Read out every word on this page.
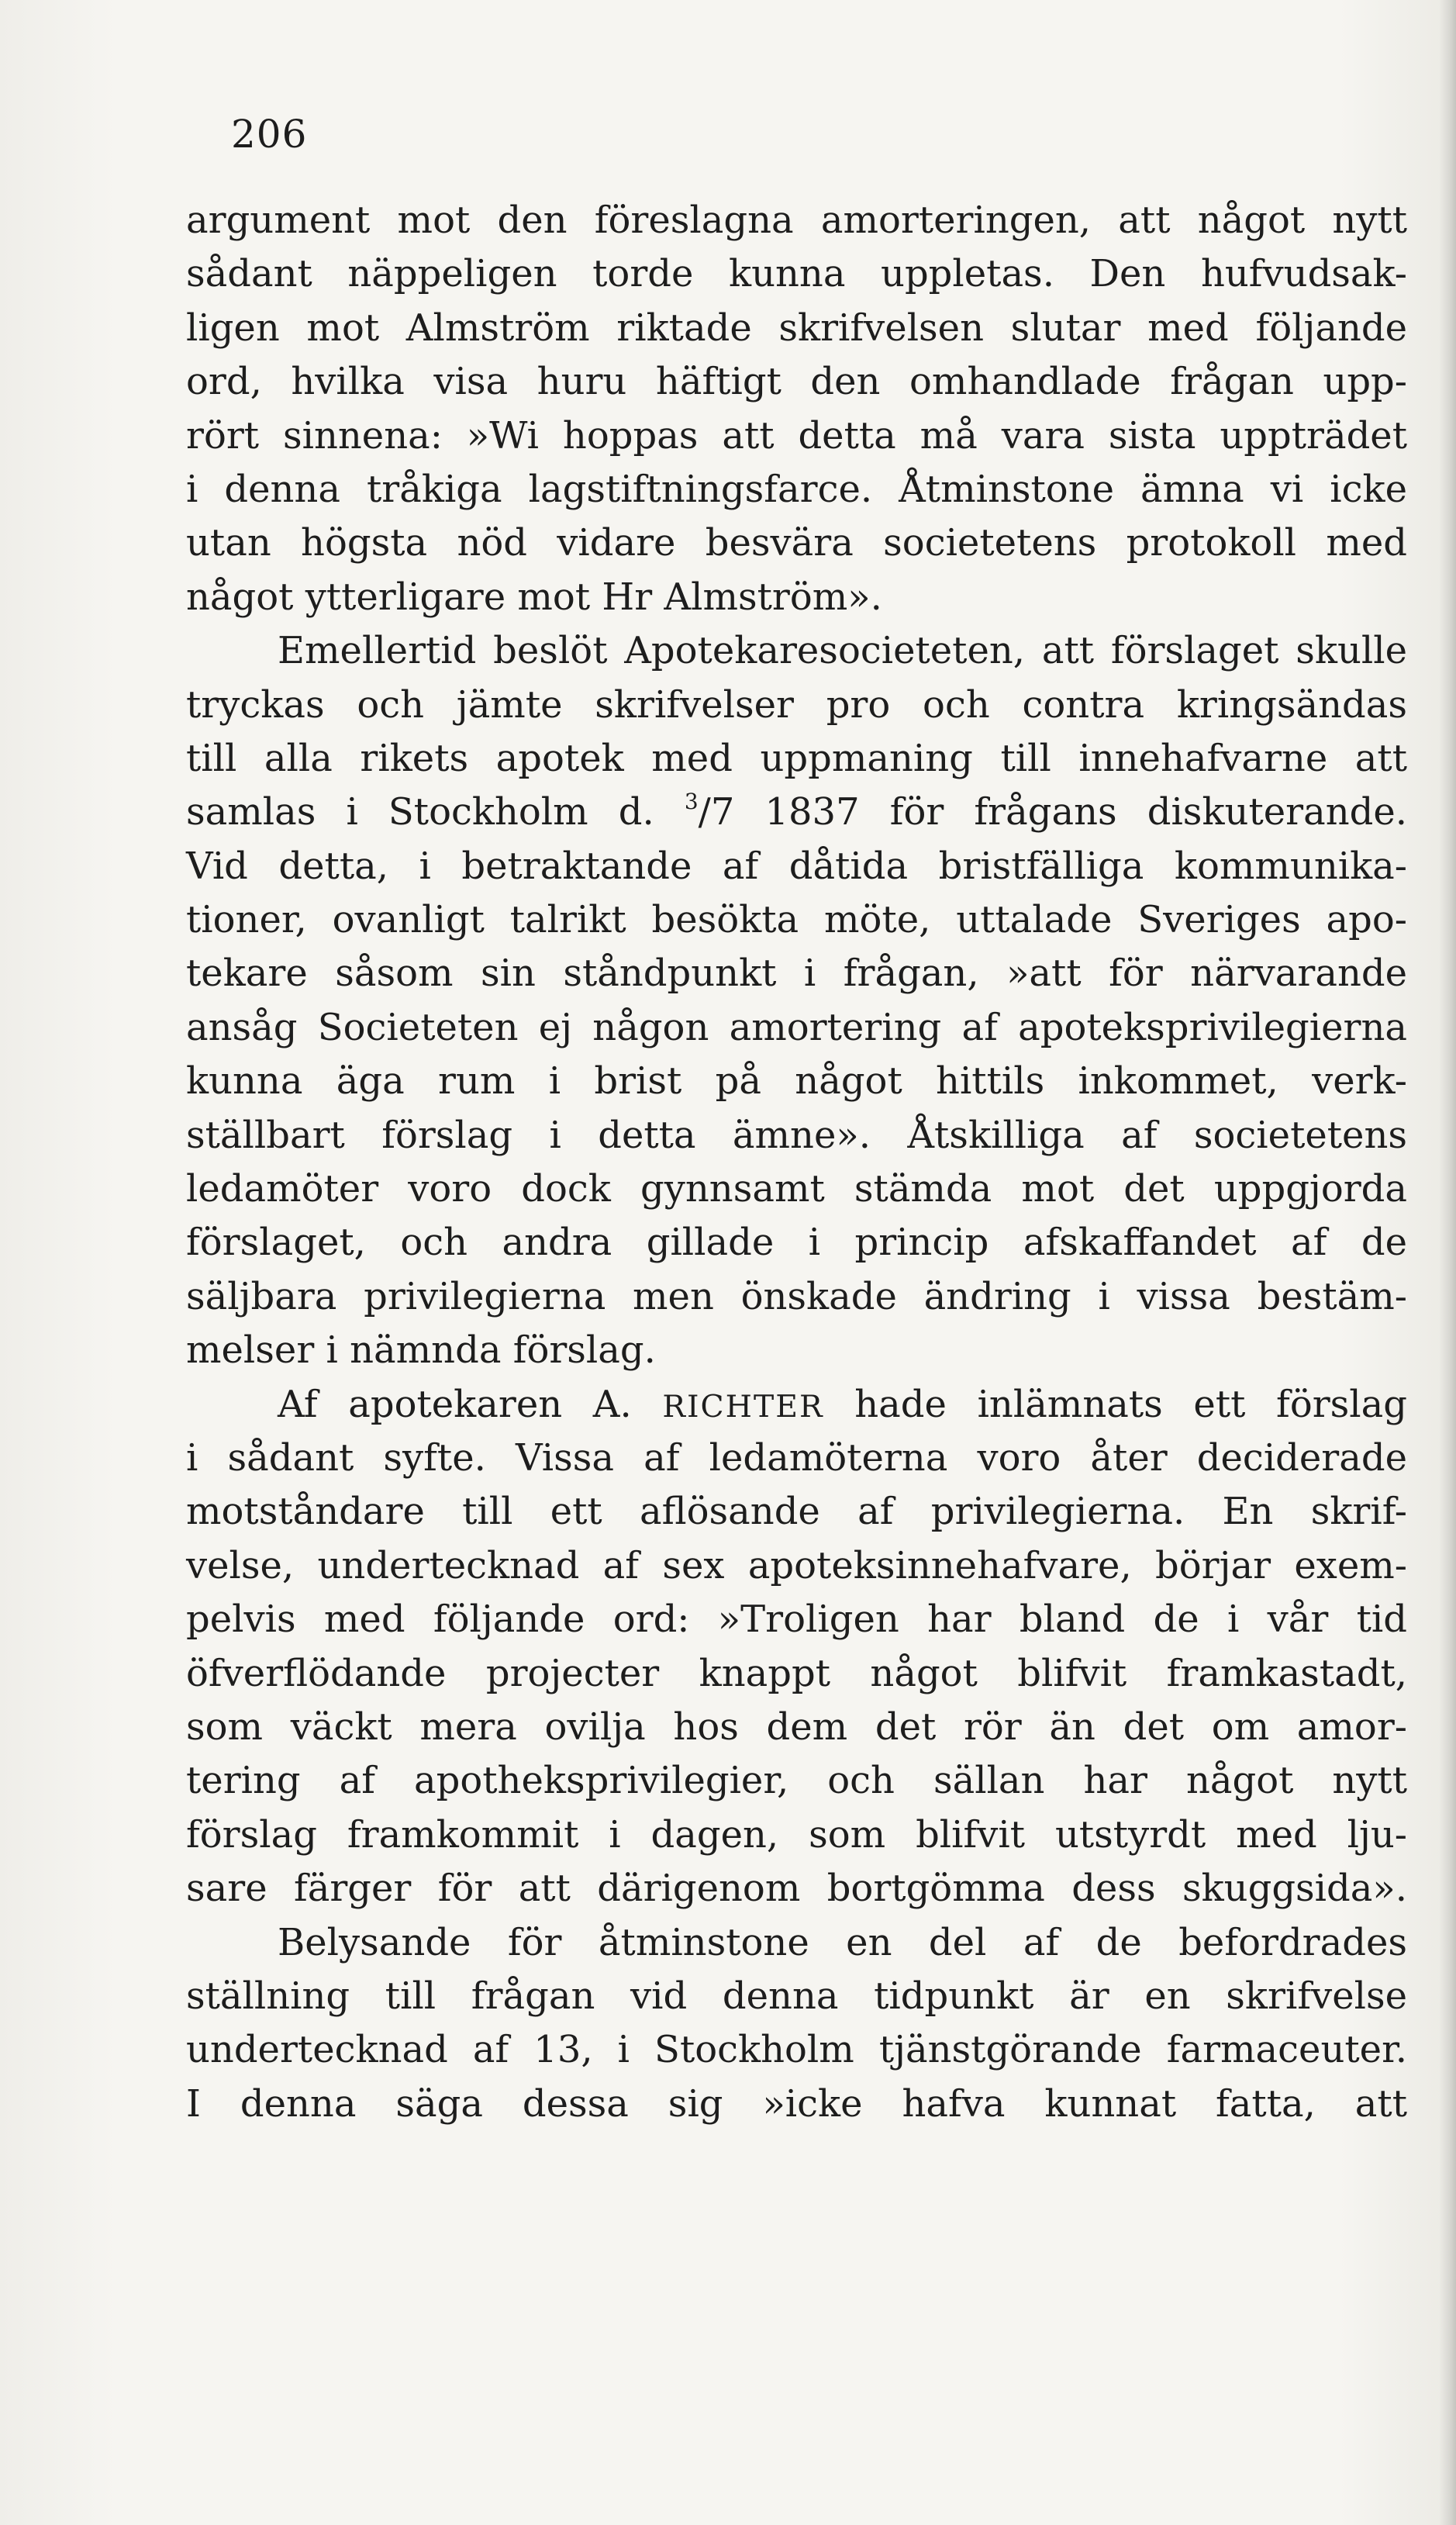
206
argument mot den föreslagna amorteringen, att något nytt
sådant näppeligen torde kunna uppletas. Den hufvudsak-
ligen mot Almström riktade skrifvelsen slutar med följande
ord, hvilka visa huru häftigt den omhandlade frågan upp-
rört sinnena: »Wi hoppas att detta må vara sista uppträdet
i denna tråkiga lagstiftningsfarce. Åtminstone ämna vi icke
utan högsta nöd vidare besvära societetens protokoll med
något ytterligare mot Hr Almström».
Emellertid beslöt Apotekaresocieteten, att förslaget skulle
tryckas och jämte skrifvelser pro och contra kringsändas
till alla rikets apotek med uppmaning till innehafvarne att
samlas i Stockholm d. $^3$/7 1837 för frågans diskuterande.
Vid detta, i betraktande af dåtida bristfälliga kommunika-
tioner, ovanligt talrikt besökta möte, uttalade Sveriges apo-
tekare såsom sin ståndpunkt i frågan, »att för närvarande
ansåg Societeten ej någon amortering af apoteksprivilegierna
kunna äga rum i brist på något hittils inkommet, verk-
ställbart förslag i detta ämne». Åtskilliga af societetens
ledamöter voro dock gynnsamt stämda mot det uppgjorda
förslaget, och andra gillade i princip afskaffandet af de
säljbara privilegierna men önskade ändring i vissa bestäm-
melser i nämnda förslag.
Af apotekaren A. RICHTER hade inlämnats ett förslag
i sådant syfte. Vissa af ledamöterna voro åter deciderade
motståndare till ett aflösande af privilegierna. En skrif-
velse, undertecknad af sex apoteksinnehafvare, börjar exem-
pelvis med följande ord: »Troligen har bland de i vår tid
öfverflödande projecter knappt något blifvit framkastadt,
som väckt mera ovilja hos dem det rör än det om amor-
tering af apotheksprivilegier, och sällan har något nytt
förslag framkommit i dagen, som blifvit utstyrdt med lju-
sare färger för att därigenom bortgömma dess skuggsida».
Belysande för åtminstone en del af de befordrades
ställning till frågan vid denna tidpunkt är en skrifvelse
undertecknad af 13, i Stockholm tjänstgörande farmaceuter.
I denna säga dessa sig »icke hafva kunnat fatta, att
